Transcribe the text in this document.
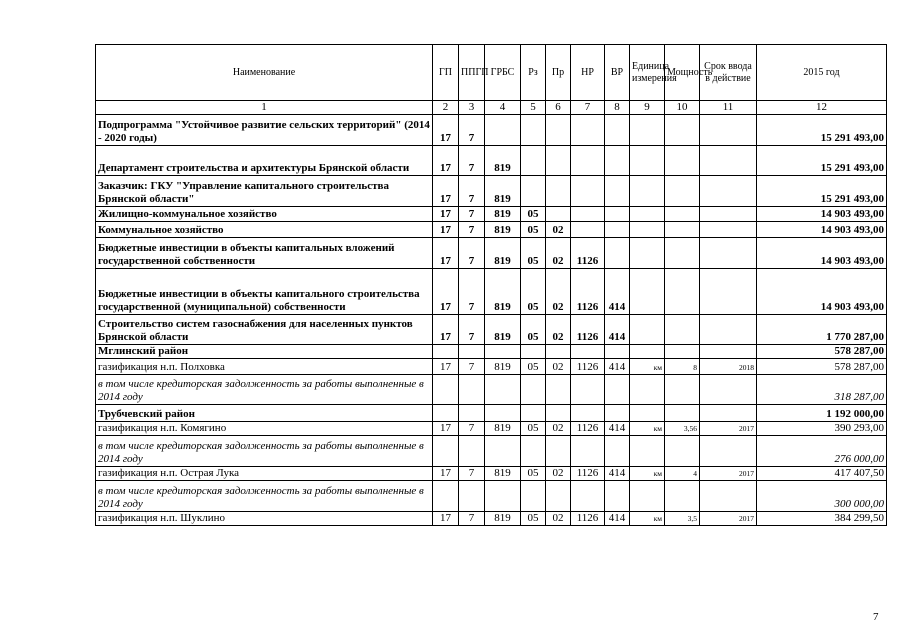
Наименование	ГП	ППГП	ГРБС	Рз	Пр	НР	ВР	Единица измерения	Мощность	Срок ввода в действие	2015 год
1	2	3	4	5	6	7	8	9	10	11	12
Подпрограмма "Устойчивое развитие сельских территорий" (2014 - 2020 годы)	17	7									15 291 493,00
Департамент строительства и архитектуры Брянской области	17	7	819								15 291 493,00
Заказчик: ГКУ "Управление капитального строительства Брянской области"	17	7	819								15 291 493,00
Жилищно-коммунальное хозяйство	17	7	819	05							14 903 493,00
Коммунальное хозяйство	17	7	819	05	02						14 903 493,00
Бюджетные инвестиции в объекты капитальных вложений государственной собственности	17	7	819	05	02	1126					14 903 493,00
Бюджетные инвестиции в объекты капитального строительства государственной (муниципальной) собственности	17	7	819	05	02	1126	414				14 903 493,00
Строительство систем газоснабжения для населенных пунктов Брянской области	17	7	819	05	02	1126	414				1 770 287,00
Мглинский район											578 287,00
газификация н.п. Полховка	17	7	819	05	02	1126	414	км	8	2018	578 287,00
в том числе кредиторская задолженность за работы выполненные в 2014 году											318 287,00
Трубчевский район											1 192 000,00
газификация н.п. Комягино	17	7	819	05	02	1126	414	км	3,56	2017	390 293,00
в том числе кредиторская задолженность за работы выполненные в 2014 году											276 000,00
газификация н.п. Острая Лука	17	7	819	05	02	1126	414	км	4	2017	417 407,50
в том числе кредиторская задолженность за работы выполненные в 2014 году											300 000,00
газификация н.п. Шуклино	17	7	819	05	02	1126	414	км	3,5	2017	384 299,50
7
